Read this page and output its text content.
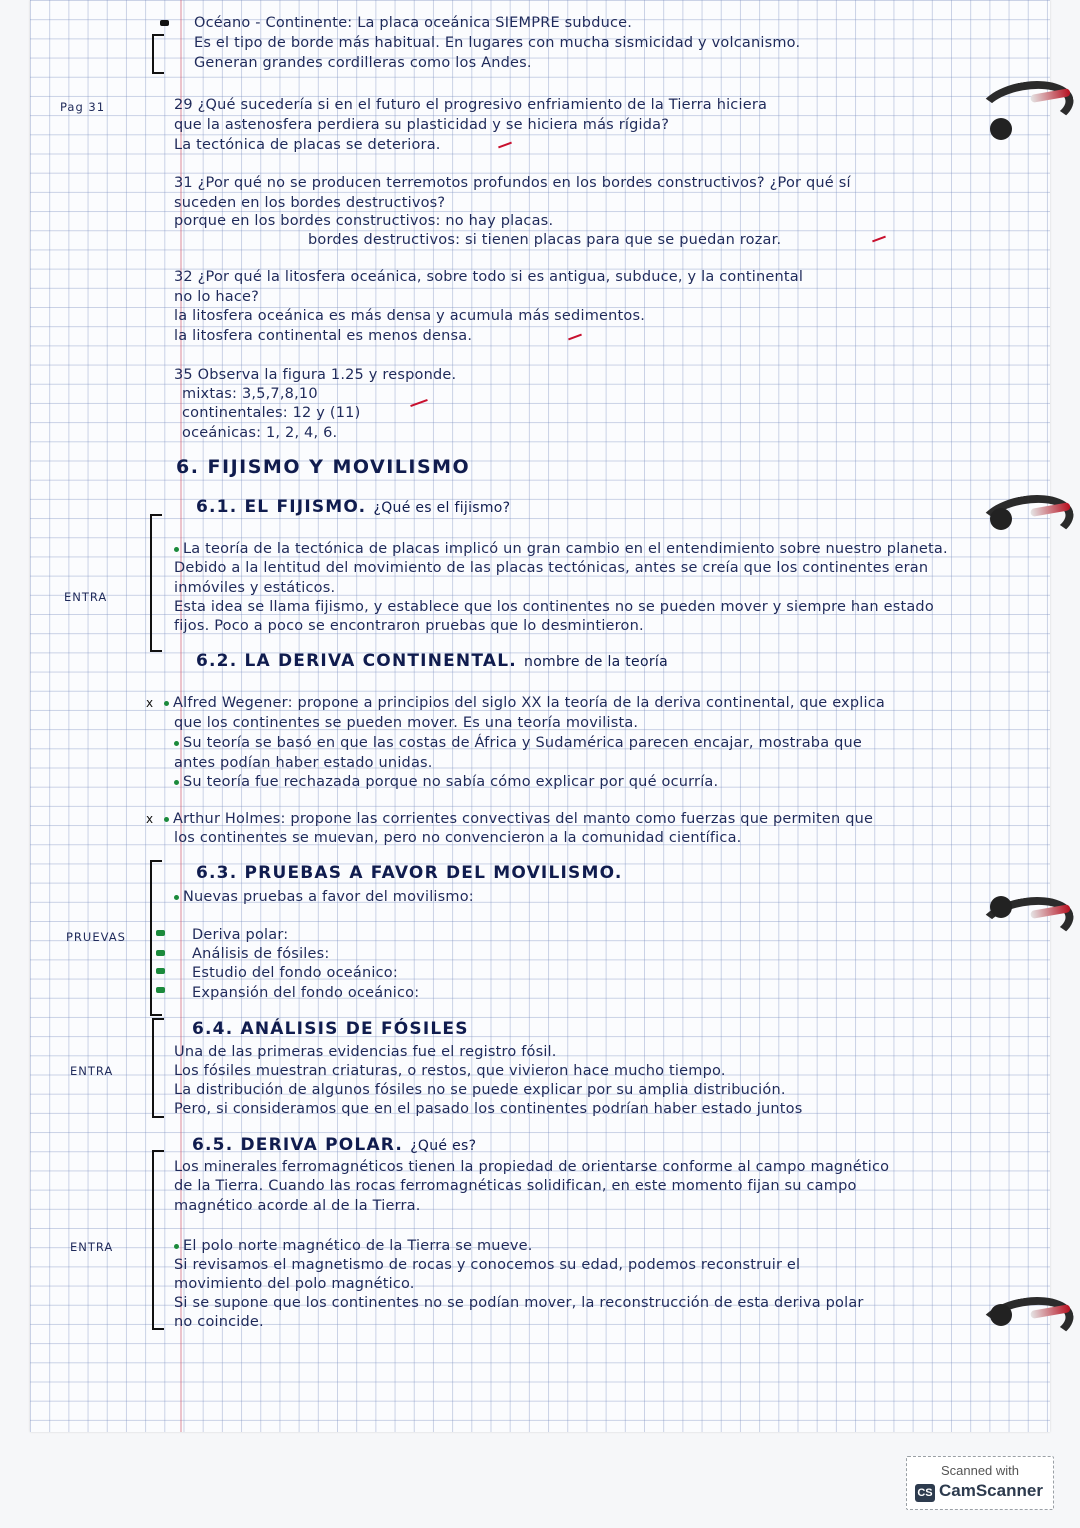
Océano - Continente: La placa oceánica SIEMPRE subduce.
Es el tipo de borde más habitual. En lugares con mucha sismicidad y volcanismo.
Generan grandes cordilleras como los Andes.
Pag 31	29 ¿Qué sucedería si en el futuro el progresivo enfriamiento de la Tierra hiciera
que la astenosfera perdiera su plasticidad y se hiciera más rígida?
La tectónica de placas se deteriora.
31 ¿Por qué no se producen terremotos profundos en los bordes constructivos? ¿Por qué sí
suceden en los bordes destructivos?
porque en los bordes constructivos: no hay placas.
bordes destructivos: si tienen placas para que se puedan rozar.
32 ¿Por qué la litosfera oceánica, sobre todo si es antigua, subduce, y la continental
no lo hace?
la litosfera oceánica es más densa y acumula más sedimentos.
la litosfera continental es menos densa.
35 Observa la figura 1.25 y responde.
mixtas: 3,5,7,8,10
continentales: 12 y (11)
oceánicas: 1, 2, 4, 6.
6. FIJISMO Y MOVILISMO
6.1. EL FIJISMO. ¿Qué es el fijismo?
ENTRA
La teoría de la tectónica de placas implicó un gran cambio en el entendimiento sobre nuestro planeta.
Debido a la lentitud del movimiento de las placas tectónicas, antes se creía que los continentes eran
inmóviles y estáticos.
Esta idea se llama fijismo, y establece que los continentes no se pueden mover y siempre han estado
fijos. Poco a poco se encontraron pruebas que lo desmintieron.
6.2. LA DERIVA CONTINENTAL. nombre de la teoría
x	Alfred Wegener: propone a principios del siglo XX la teoría de la deriva continental, que explica
que los continentes se pueden mover. Es una teoría movilista.
Su teoría se basó en que las costas de África y Sudamérica parecen encajar, mostraba que
antes podían haber estado unidas.
Su teoría fue rechazada porque no sabía cómo explicar por qué ocurría.
x	Arthur Holmes: propone las corrientes convectivas del manto como fuerzas que permiten que
los continentes se muevan, pero no convencieron a la comunidad científica.
6.3. PRUEBAS A FAVOR DEL MOVILISMO.
Nuevas pruebas a favor del movilismo:
PRUEVAS	Deriva polar:
Análisis de fósiles:
Estudio del fondo oceánico:
Expansión del fondo oceánico:
6.4. ANÁLISIS DE FÓSILES
ENTRA
Una de las primeras evidencias fue el registro fósil.
Los fósiles muestran criaturas, o restos, que vivieron hace mucho tiempo.
La distribución de algunos fósiles no se puede explicar por su amplia distribución.
Pero, si consideramos que en el pasado los continentes podrían haber estado juntos
6.5. DERIVA POLAR. ¿Qué es?
Los minerales ferromagnéticos tienen la propiedad de orientarse conforme al campo magnético
de la Tierra. Cuando las rocas ferromagnéticas solidifican, en este momento fijan su campo
magnético acorde al de la Tierra.
ENTRA	El polo norte magnético de la Tierra se mueve.
Si revisamos el magnetismo de rocas y conocemos su edad, podemos reconstruir el
movimiento del polo magnético.
Si se supone que los continentes no se podían mover, la reconstrucción de esta deriva polar
no coincide.
Scanned with
CS CamScanner
